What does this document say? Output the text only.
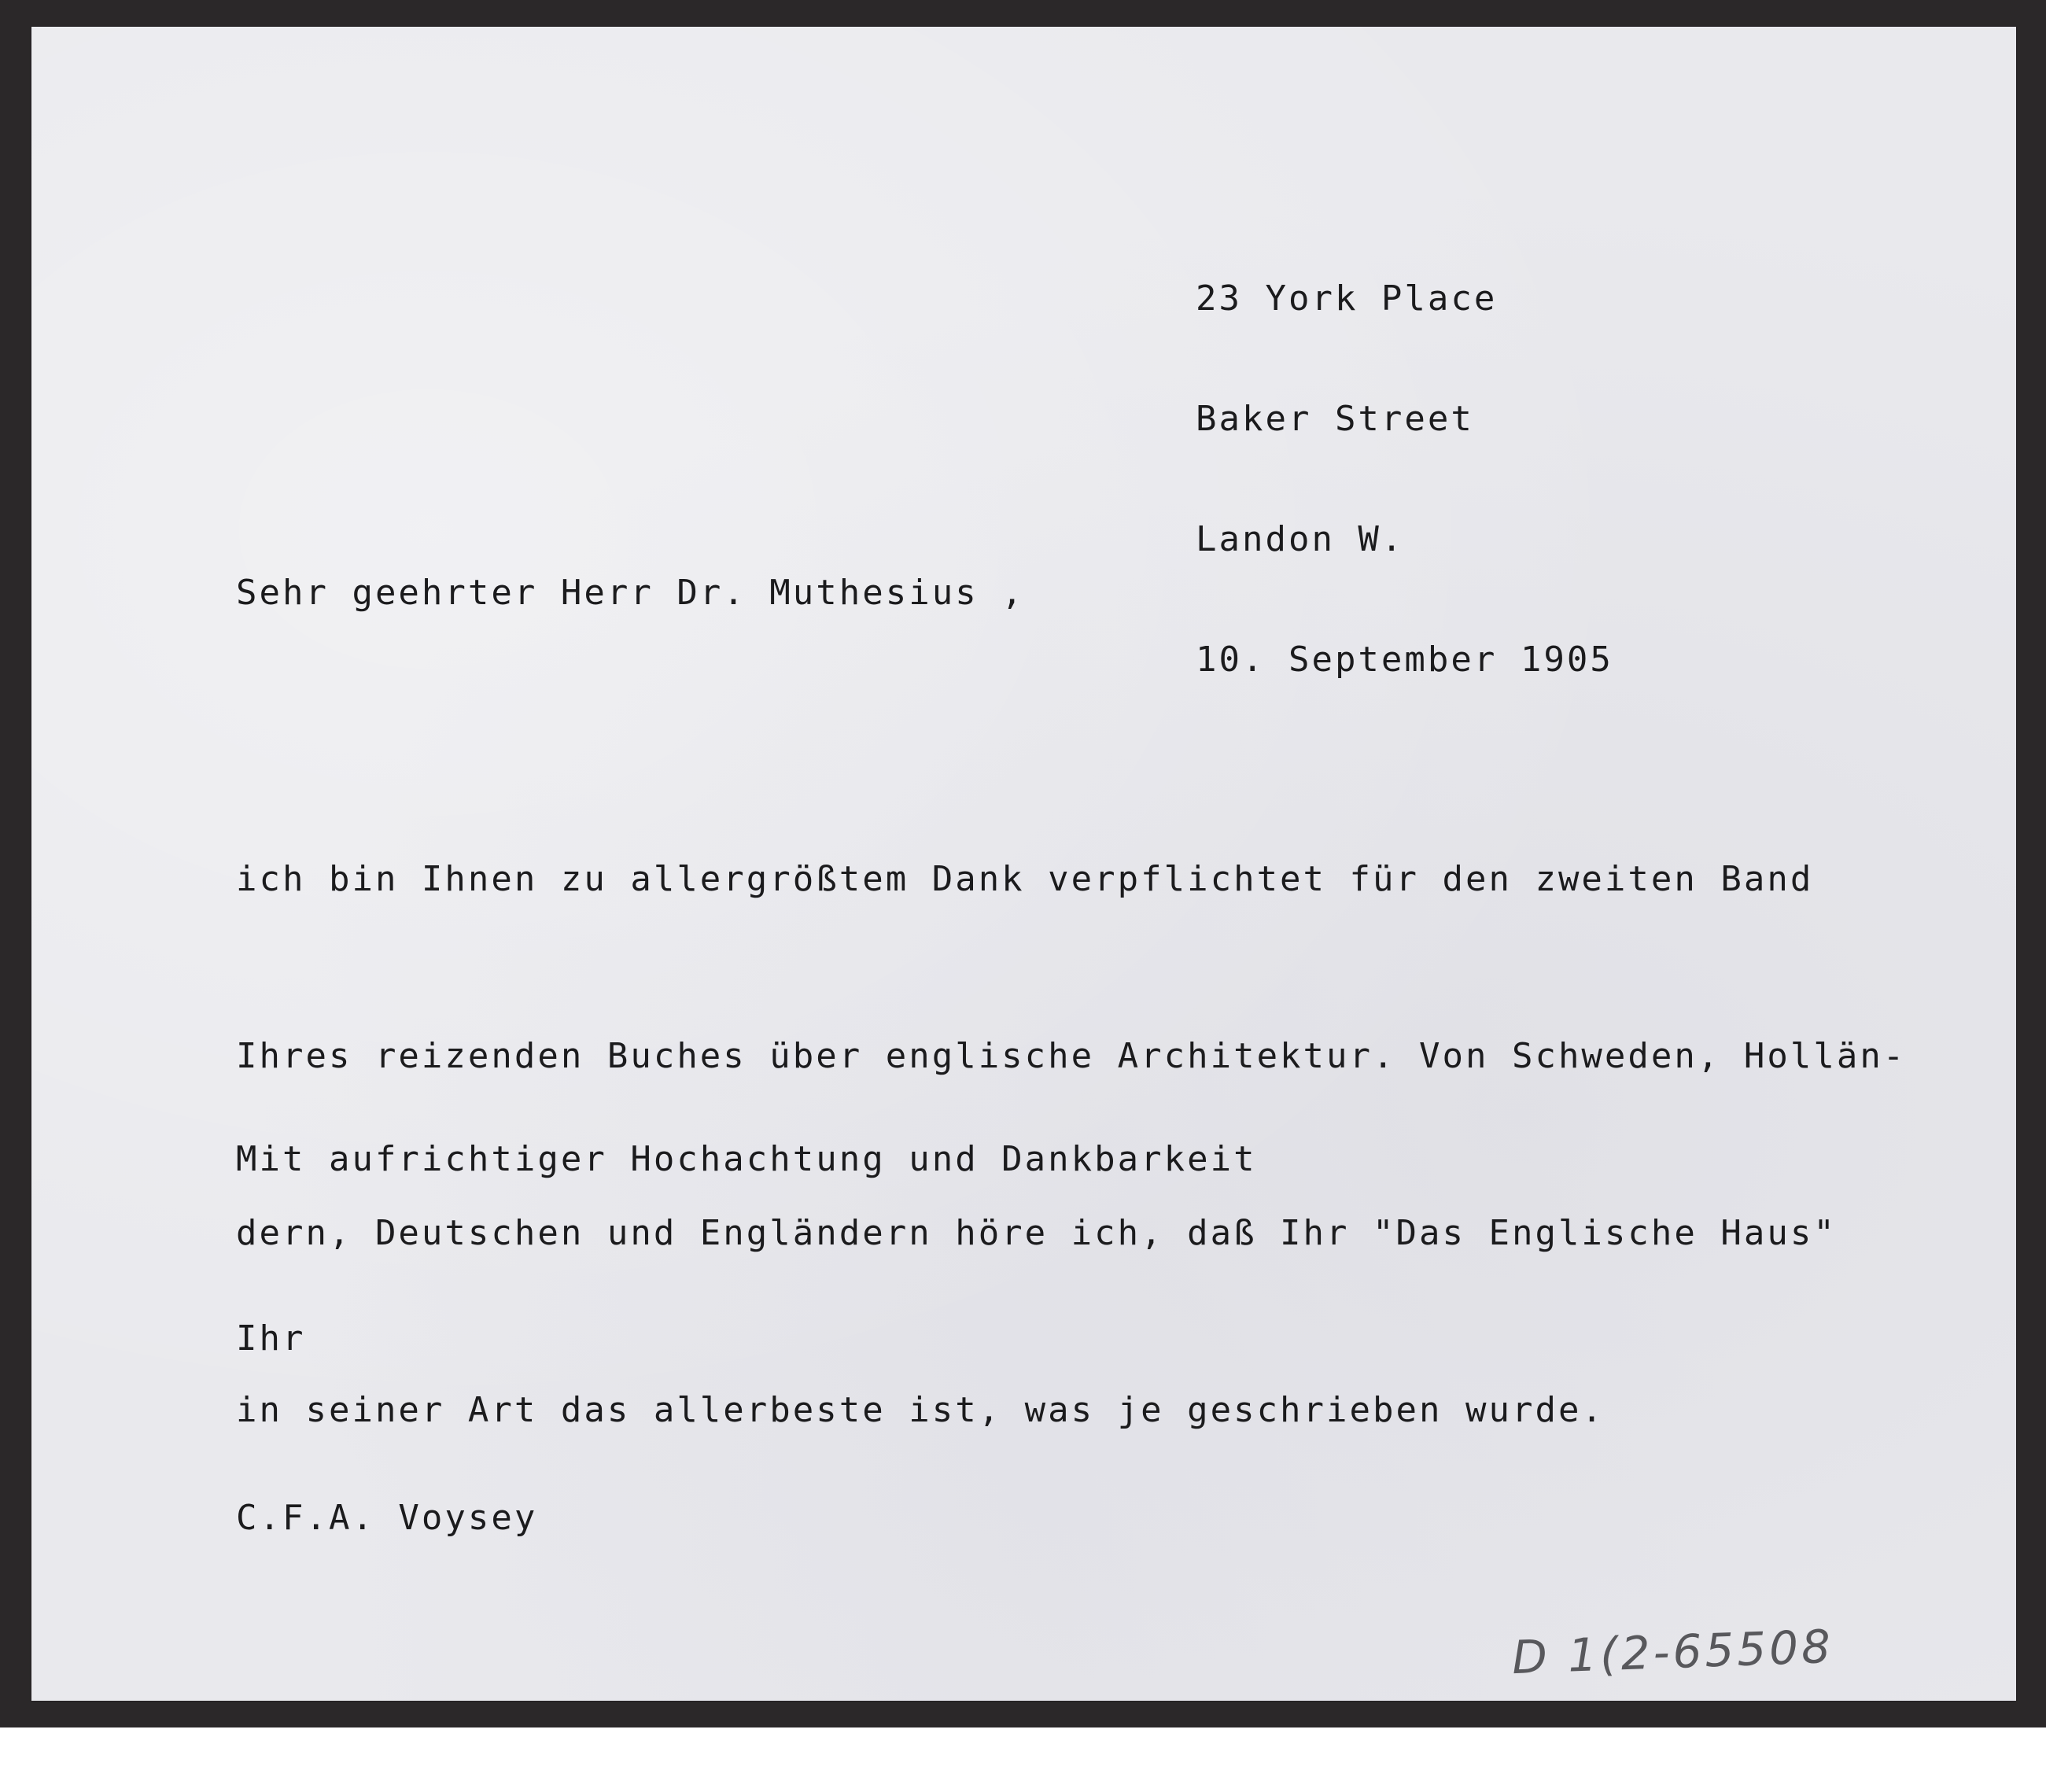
23 York Place

Baker Street

Landon W.

10. September 1905

Sehr geehrter Herr Dr. Muthesius ,

ich bin Ihnen zu allergrößtem Dank verpflichtet für den zweiten Band

Ihres reizenden Buches über englische Architektur. Von Schweden, Hollän-

dern, Deutschen und Engländern höre ich, daß Ihr "Das Englische Haus"

in seiner Art das allerbeste ist, was je geschrieben wurde.

Mit aufrichtiger Hochachtung und Dankbarkeit

Ihr

C.F.A. Voysey

D 1(2-65508
